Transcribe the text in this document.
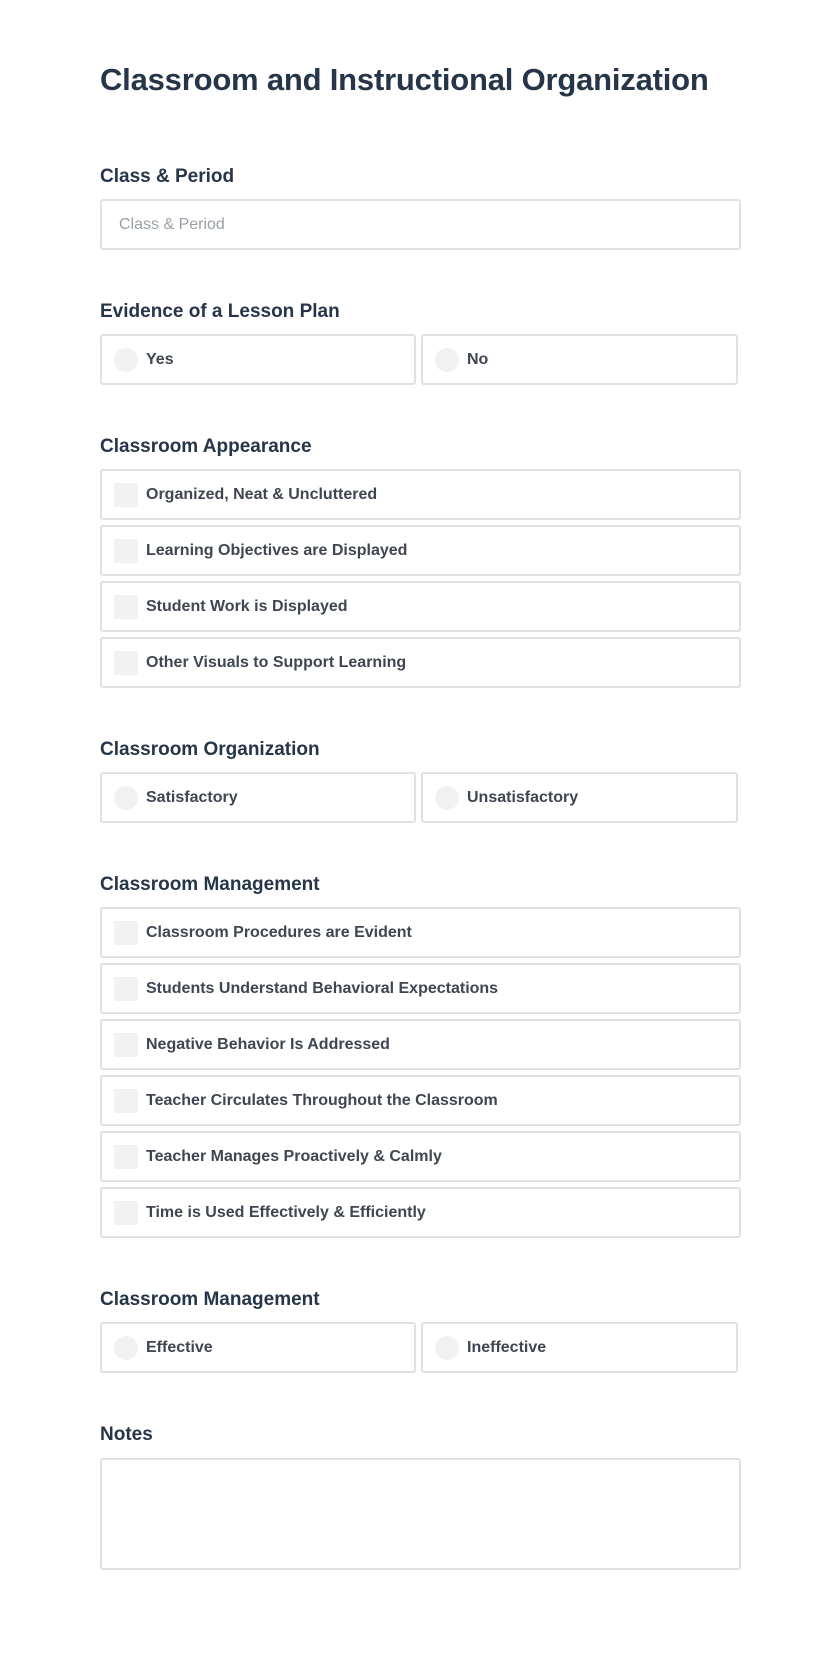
Classroom and Instructional Organization
Class & Period
Class & Period
Evidence of a Lesson Plan
Yes	No
Classroom Appearance
Organized, Neat & Uncluttered
Learning Objectives are Displayed
Student Work is Displayed
Other Visuals to Support Learning
Classroom Organization
Satisfactory	Unsatisfactory
Classroom Management
Classroom Procedures are Evident
Students Understand Behavioral Expectations
Negative Behavior Is Addressed
Teacher Circulates Throughout the Classroom
Teacher Manages Proactively & Calmly
Time is Used Effectively & Efficiently
Classroom Management
Effective	Ineffective
Notes
